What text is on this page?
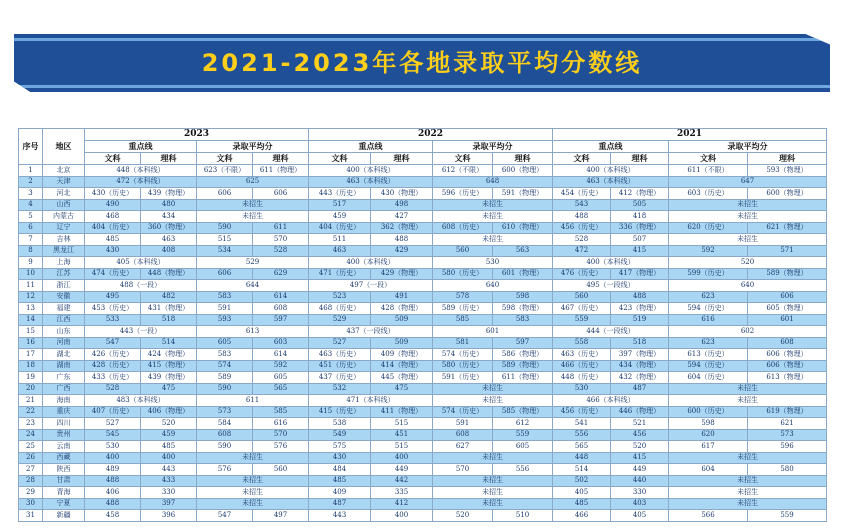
2021-2023年各地录取平均分数线
序号	地区	2023				2022				2021			
		重点线		录取平均分		重点线		录取平均分		重点线		录取平均分	
		文科	理科	文科	理科	文科	理科	文科	理科	文科	理科	文科	理科
1	北京	448（本科线）		623（不限）	611（物理）	400（本科线）		612（不限）	600（物理）	400（本科线）		611（不限）	593（物理）
2	天津	472（本科线）		625		463（本科线）		648		463（本科线）		647	
3	河北	430（历史）	439（物理）	606	606	443（历史）	430（物理）	596（历史）	591（物理）	454（历史）	412（物理）	603（历史）	600（物理）
4	山西	490	480	未招生		517	498	未招生		543	505	未招生	
5	内蒙古	468	434	未招生		459	427	未招生		488	418	未招生	
6	辽宁	404（历史）	360（物理）	590	611	404（历史）	362（物理）	608（历史）	610（物理）	456（历史）	336（物理）	620（历史）	621（物理）
7	吉林	485	463	515	570	511	488	未招生		528	507	未招生	
8	黑龙江	430	408	534	528	463	429	560	563	472	415	592	571
9	上海	405（本科线）		529		400（本科线）		530		400（本科线）		520	
10	江苏	474（历史）	448（物理）	606	629	471（历史）	429（物理）	580（历史）	601（物理）	476（历史）	417（物理）	599（历史）	589（物理）
11	浙江	488（一段）		644		497（一段）		640		495（一段线）		640	
12	安徽	495	482	583	614	523	491	578	598	560	488	623	606
13	福建	453（历史）	431（物理）	591	608	468（历史）	428（物理）	589（历史）	598（物理）	467（历史）	423（物理）	594（历史）	605（物理）
14	江西	533	518	593	597	529	509	585	583	559	519	616	601
15	山东	443（一段）		613		437（一段线）		601		444（一段线）		602	
16	河南	547	514	605	603	527	509	581	597	558	518	623	608
17	湖北	426（历史）	424（物理）	583	614	463（历史）	409（物理）	574（历史）	586（物理）	463（历史）	397（物理）	613（历史）	606（物理）
18	湖南	428（历史）	415（物理）	574	592	451（历史）	414（物理）	580（历史）	589（物理）	466（历史）	434（物理）	594（历史）	606（物理）
19	广东	433（历史）	439（物理）	589	605	437（历史）	445（物理）	591（历史）	611（物理）	448（历史）	432（物理）	604（历史）	613（物理）
20	广西	528	475	590	565	532	475	未招生		530	487	未招生	
21	海南	483（本科线）		611		471（本科线）		未招生		466（本科线）		未招生	
22	重庆	407（历史）	406（物理）	573	585	415（历史）	411（物理）	574（历史）	585（物理）	456（历史）	446（物理）	600（历史）	619（物理）
23	四川	527	520	584	616	538	515	591	612	541	521	598	621
24	贵州	545	459	608	570	549	451	608	559	556	456	620	573
25	云南	530	485	590	576	575	515	627	605	565	520	617	596
26	西藏	400	400	未招生		430	400	未招生		448	415	未招生	
27	陕西	489	443	576	560	484	449	570	556	514	449	604	580
28	甘肃	488	433	未招生		485	442	未招生		502	440	未招生	
29	青海	406	330	未招生		409	335	未招生		405	330	未招生	
30	宁夏	488	397	未招生		487	412	未招生		485	403	未招生	
31	新疆	458	396	547	497	443	400	520	510	466	405	566	559
